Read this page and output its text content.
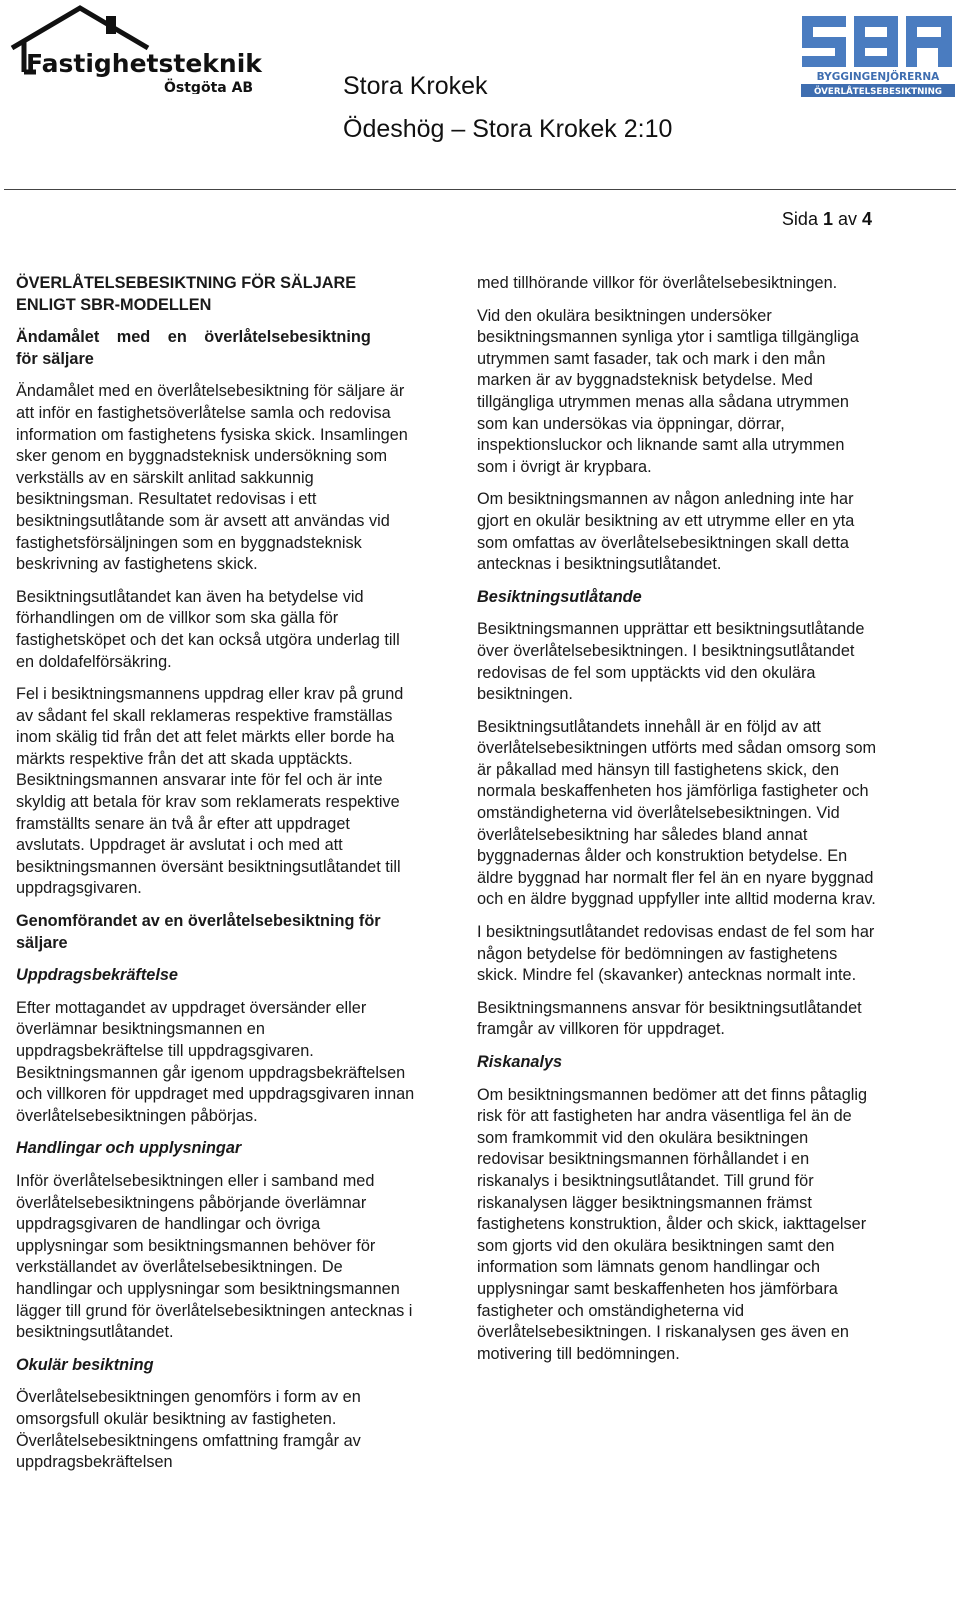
Fastighetsteknik
Östgöta AB
BYGGINGENJÖRERNA
ÖVERLÅTELSEBESIKTNING
Stora Krokek
Ödeshög – Stora Krokek 2:10
Sida 1 av 4
ÖVERLÅTELSEBESIKTNING FÖR SÄLJARE
ENLIGT SBR-MODELLEN
Ändamålet med en överlåtelsebesiktning
för säljare

Ändamålet med en överlåtelsebesiktning för säljare är att inför en fastighetsöverlåtelse samla och redovisa information om fastighetens fysiska skick. Insamlingen sker genom en byggnadsteknisk undersökning som verkställs av en särskilt anlitad sakkunnig besiktningsman. Resultatet redovisas i ett besiktningsutlåtande som är avsett att användas vid fastighetsförsäljningen som en byggnadsteknisk beskrivning av fastighetens skick.

Besiktningsutlåtandet kan även ha betydelse vid förhandlingen om de villkor som ska gälla för fastighetsköpet och det kan också utgöra underlag till en doldafelförsäkring.

Fel i besiktningsmannens uppdrag eller krav på grund av sådant fel skall reklameras respektive framställas inom skälig tid från det att felet märkts eller borde ha märkts respektive från det att skada upptäckts. Besiktningsmannen ansvarar inte för fel och är inte skyldig att betala för krav som reklamerats respektive framställts senare än två år efter att uppdraget avslutats. Uppdraget är avslutat i och med att besiktningsmannen översänt besiktningsutlåtandet till uppdragsgivaren.

Genomförandet av en överlåtelsebesiktning för säljare
Uppdragsbekräftelse

Efter mottagandet av uppdraget översänder eller överlämnar besiktningsmannen en uppdragsbekräftelse till uppdragsgivaren. Besiktningsmannen går igenom uppdragsbekräftelsen och villkoren för uppdraget med uppdragsgivaren innan överlåtelsebesiktningen påbörjas.

Handlingar och upplysningar

Inför överlåtelsebesiktningen eller i samband med överlåtelsebesiktningens påbörjande överlämnar uppdragsgivaren de handlingar och övriga upplysningar som besiktningsmannen behöver för verkställandet av överlåtelsebesiktningen. De handlingar och upplysningar som besiktningsmannen lägger till grund för överlåtelsebesiktningen antecknas i besiktningsutlåtandet.

Okulär besiktning

Överlåtelsebesiktningen genomförs i form av en omsorgsfull okulär besiktning av fastigheten. Överlåtelsebesiktningens omfattning framgår av uppdragsbekräftelsen

med tillhörande villkor för överlåtelsebesiktningen.

Vid den okulära besiktningen undersöker besiktningsmannen synliga ytor i samtliga tillgängliga utrymmen samt fasader, tak och mark i den mån marken är av byggnadsteknisk betydelse. Med tillgängliga utrymmen menas alla sådana utrymmen som kan undersökas via öppningar, dörrar, inspektionsluckor och liknande samt alla utrymmen som i övrigt är krypbara.

Om besiktningsmannen av någon anledning inte har gjort en okulär besiktning av ett utrymme eller en yta som omfattas av överlåtelsebesiktningen skall detta antecknas i besiktningsutlåtandet.

Besiktningsutlåtande

Besiktningsmannen upprättar ett besiktningsutlåtande över överlåtelsebesiktningen. I besiktningsutlåtandet redovisas de fel som upptäckts vid den okulära besiktningen.

Besiktningsutlåtandets innehåll är en följd av att överlåtelsebesiktningen utförts med sådan omsorg som är påkallad med hänsyn till fastighetens skick, den normala beskaffenheten hos jämförliga fastigheter och omständigheterna vid överlåtelsebesiktningen. Vid överlåtelsebesiktning har således bland annat byggnadernas ålder och konstruktion betydelse. En äldre byggnad har normalt fler fel än en nyare byggnad och en äldre byggnad uppfyller inte alltid moderna krav.

I besiktningsutlåtandet redovisas endast de fel som har någon betydelse för bedömningen av fastighetens skick. Mindre fel (skavanker) antecknas normalt inte.

Besiktningsmannens ansvar för besiktningsutlåtandet framgår av villkoren för uppdraget.

Riskanalys

Om besiktningsmannen bedömer att det finns påtaglig risk för att fastigheten har andra väsentliga fel än de som framkommit vid den okulära besiktningen redovisar besiktningsmannen förhållandet i en riskanalys i besiktningsutlåtandet. Till grund för riskanalysen lägger besiktningsmannen främst fastighetens konstruktion, ålder och skick, iakttagelser som gjorts vid den okulära besiktningen samt den information som lämnats genom handlingar och upplysningar samt beskaffenheten hos jämförbara fastigheter och omständigheterna vid överlåtelsebesiktningen. I riskanalysen ges även en motivering till bedömningen.
